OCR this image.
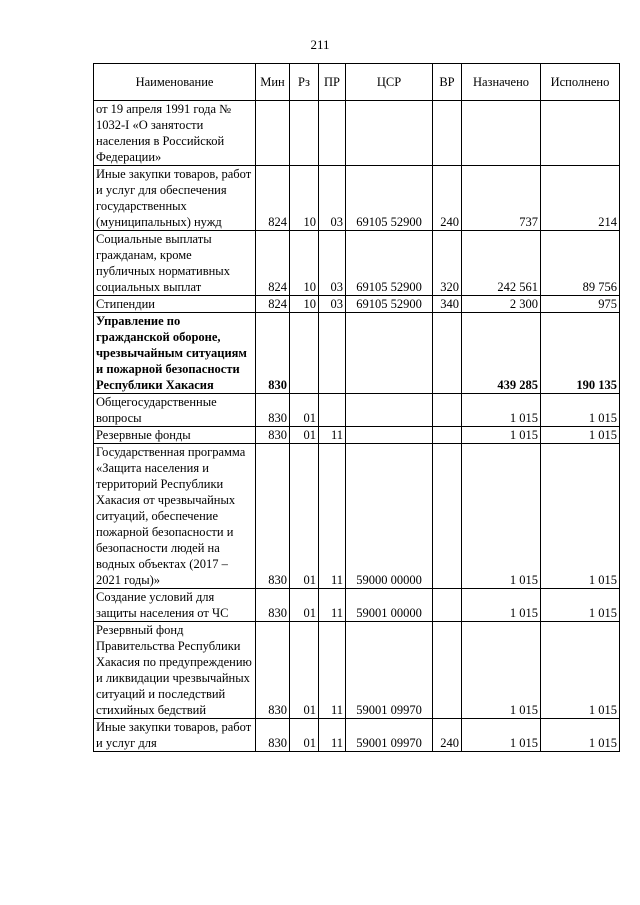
211
Наименование	Мин	Рз	ПР	ЦСР	ВР	Назначено	Исполнено
от 19 апреля 1991 года № 1032-I «О занятости населения в Российской Федерации»							
Иные закупки товаров, работ и услуг для обеспечения государственных (муниципальных) нужд	824	10	03	69105 52900	240	737	214
Социальные выплаты гражданам, кроме публичных нормативных социальных выплат	824	10	03	69105 52900	320	242 561	89 756
Стипендии	824	10	03	69105 52900	340	2 300	975
Управление по гражданской обороне, чрезвычайным ситуациям и пожарной безопасности Республики Хакасия	830					439 285	190 135
Общегосударственные вопросы	830	01				1 015	1 015
Резервные фонды	830	01	11			1 015	1 015
Государственная программа «Защита населения и территорий Республики Хакасия от чрезвычайных ситуаций, обеспечение пожарной безопасности и безопасности людей на водных объектах (2017 – 2021 годы)»	830	01	11	59000 00000		1 015	1 015
Создание условий для защиты населения от ЧС	830	01	11	59001 00000		1 015	1 015
Резервный фонд Правительства Республики Хакасия по предупреждению и ликвидации чрезвычайных ситуаций и последствий стихийных бедствий	830	01	11	59001 09970		1 015	1 015
Иные закупки товаров, работ и услуг для	830	01	11	59001 09970	240	1 015	1 015
